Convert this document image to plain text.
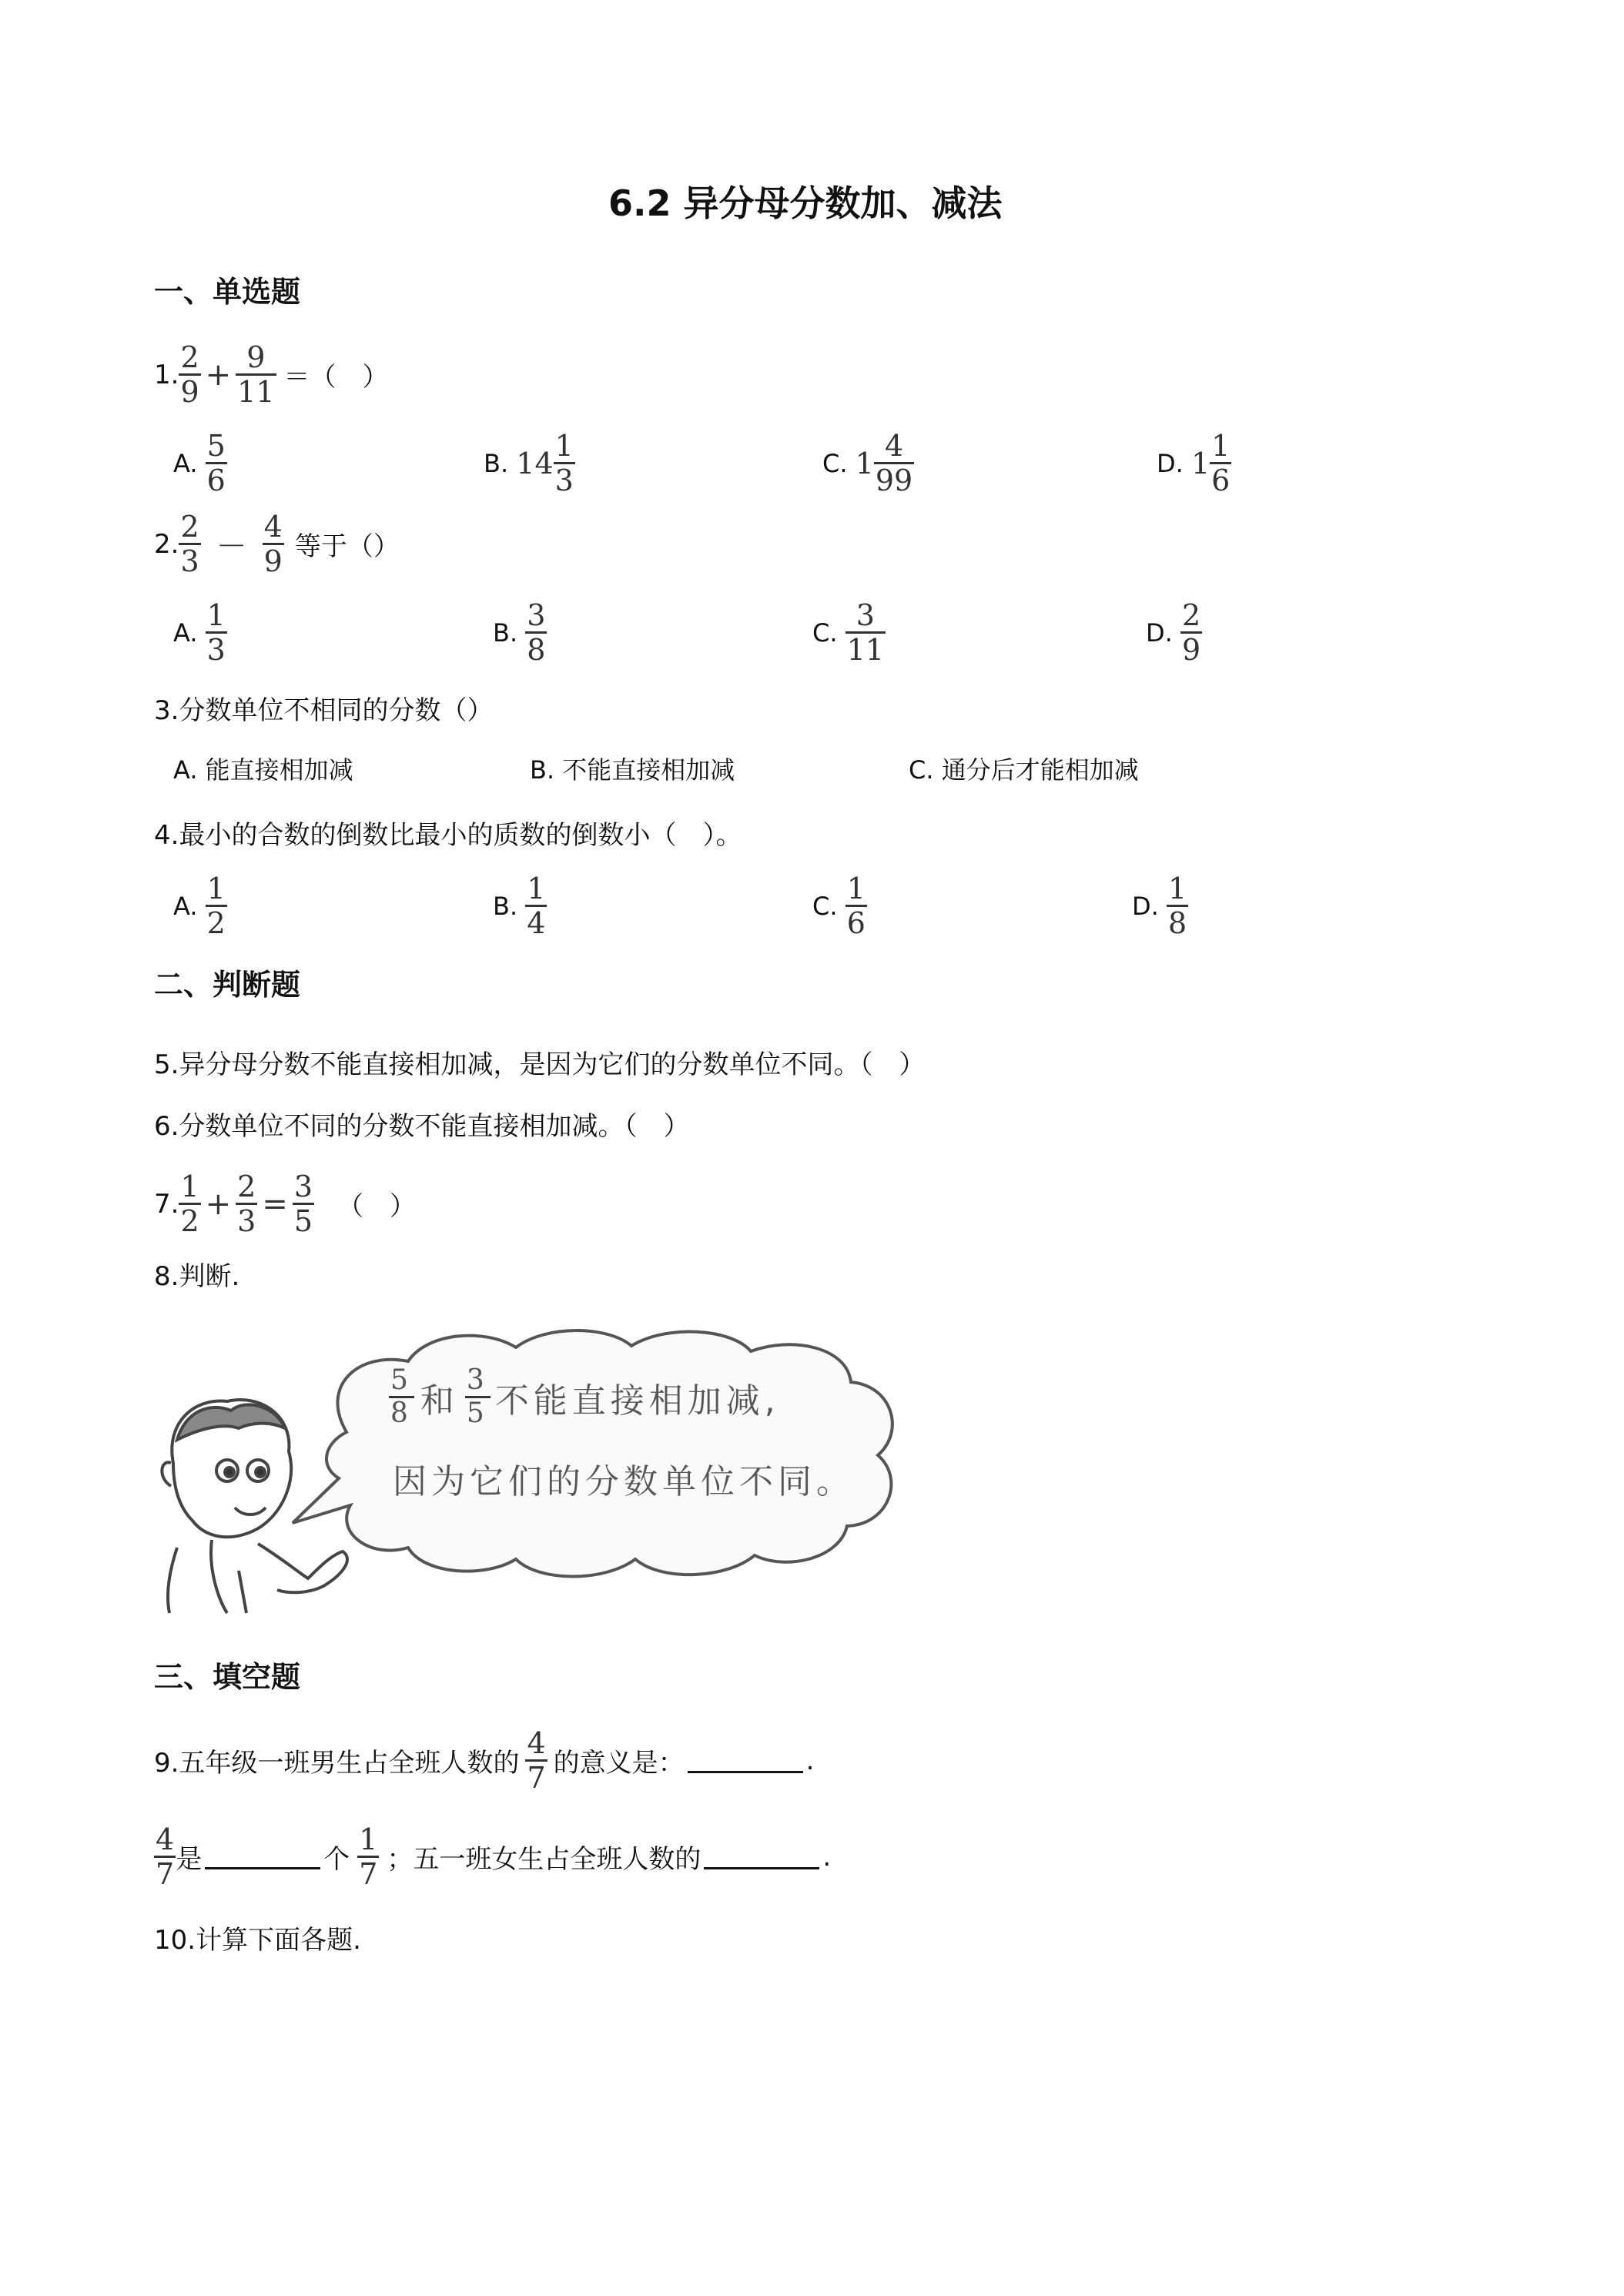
6.2 异分母分数加、减法
一、单选题
1. $\frac{2}{9} + \frac{9}{11}$ ＝（　）
A.
$\frac{5}{6}$	B.
$14 \frac{1}{3}$	C.
$1 \frac{4}{99}$	D.
$1 \frac{1}{6}$
2. $\frac{2}{3} - \frac{4}{9}$ 等于（）
A.
$\frac{1}{3}$	B.
$\frac{3}{8}$	C.
$\frac{3}{11}$	D.
$\frac{2}{9}$
3.分数单位不相同的分数（）
A. 能直接相加减	B. 不能直接相加减	C. 通分后才能相加减
4.最小的合数的倒数比最小的质数的倒数小（　）。
A.
$\frac{1}{2}$	B.
$\frac{1}{4}$	C.
$\frac{1}{6}$	D.
$\frac{1}{8}$
二、判断题
5.异分母分数不能直接相加减，是因为它们的分数单位不同。（　）
6.分数单位不同的分数不能直接相加减。（　）
7. $\frac{1}{2} + \frac{2}{3} = \frac{3}{5}$ （　）
8.判断.
$\frac{5}{8}$ 和 $\frac{3}{5}$ 不能直接相加减,
因为它们的分数单位不同。
三、填空题
9.五年级一班男生占全班人数的 $\frac{4}{7}$ 的意义是：	.
$\frac{4}{7}$ 是	个 $\frac{1}{7}$ ；五一班女生占全班人数的	.
10.计算下面各题.
